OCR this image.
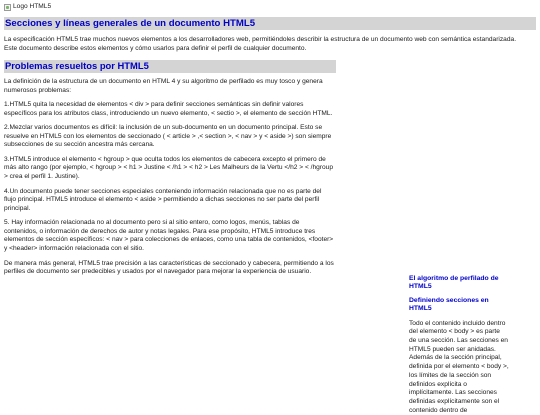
Logo HTML5
Secciones y líneas generales de un documento HTML5

La especificación HTML5 trae muchos nuevos elementos a los desarrolladores web, permitiéndoles describir la estructura de un documento web con semántica estandarizada.

Este documento describe estos elementos y cómo usarlos para definir el perfil de cualquier documento.

Problemas resueltos por HTML5

La definición de la estructura de un documento en HTML 4 y su algoritmo de perfilado es muy tosco y genera numerosos problemas:

1.HTML5 quita la necesidad de elementos < div > para definir secciones semánticas sin definir valores específicos para los atributos class, introduciendo un nuevo elemento, < sectio >, el elemento de sección HTML.

2.Mezclar varios documentos es difícil: la inclusión de un sub-documento en un documento principal. Esto se resuelve en HTML5 con los elementos de seccionado ( < article > ,< section >, < nav > y < aside >) son siempre subsecciones de su sección ancestra más cercana.

3.HTML5 introduce el elemento < hgroup > que oculta todos los elementos de cabecera excepto el primero de más alto rango (por ejemplo, < hgroup > < h1 > Justine < /h1 > < h2 > Les Malheurs de la Vertu </h2 > < /hgroup > crea el perfil 1. Justine).

4.Un documento puede tener secciones especiales conteniendo información relacionada que no es parte del flujo principal. HTML5 introduce el elemento < aside > permitiendo a dichas secciones no ser parte del perfil principal.

5. Hay información relacionada no al documento pero si al sitio entero, como logos, menús, tablas de contenidos, o información de derechos de autor y notas legales. Para ese propósito, HTML5 introduce tres elementos de sección específicos: < nav > para colecciones de enlaces, como una tabla de contenidos, <footer> y <header> información relacionada con el sitio.

De manera más general, HTML5 trae precisión a las características de seccionado y cabecera, permitiendo a los perfiles de documento ser predecibles y usados por el navegador para mejorar la experiencia de usuario.

El algoritmo de perfilado de HTML5
Definiendo secciones en HTML5

Todo el contenido incluido dentro del elemento < body > es parte de una sección. Las secciones en HTML5 pueden ser anidadas. Además de la sección principal, definida por el elemento < body >, los límites de la sección son definidos explícita o implícitamente. Las secciones definidas explícitamente son el contenido dentro de
